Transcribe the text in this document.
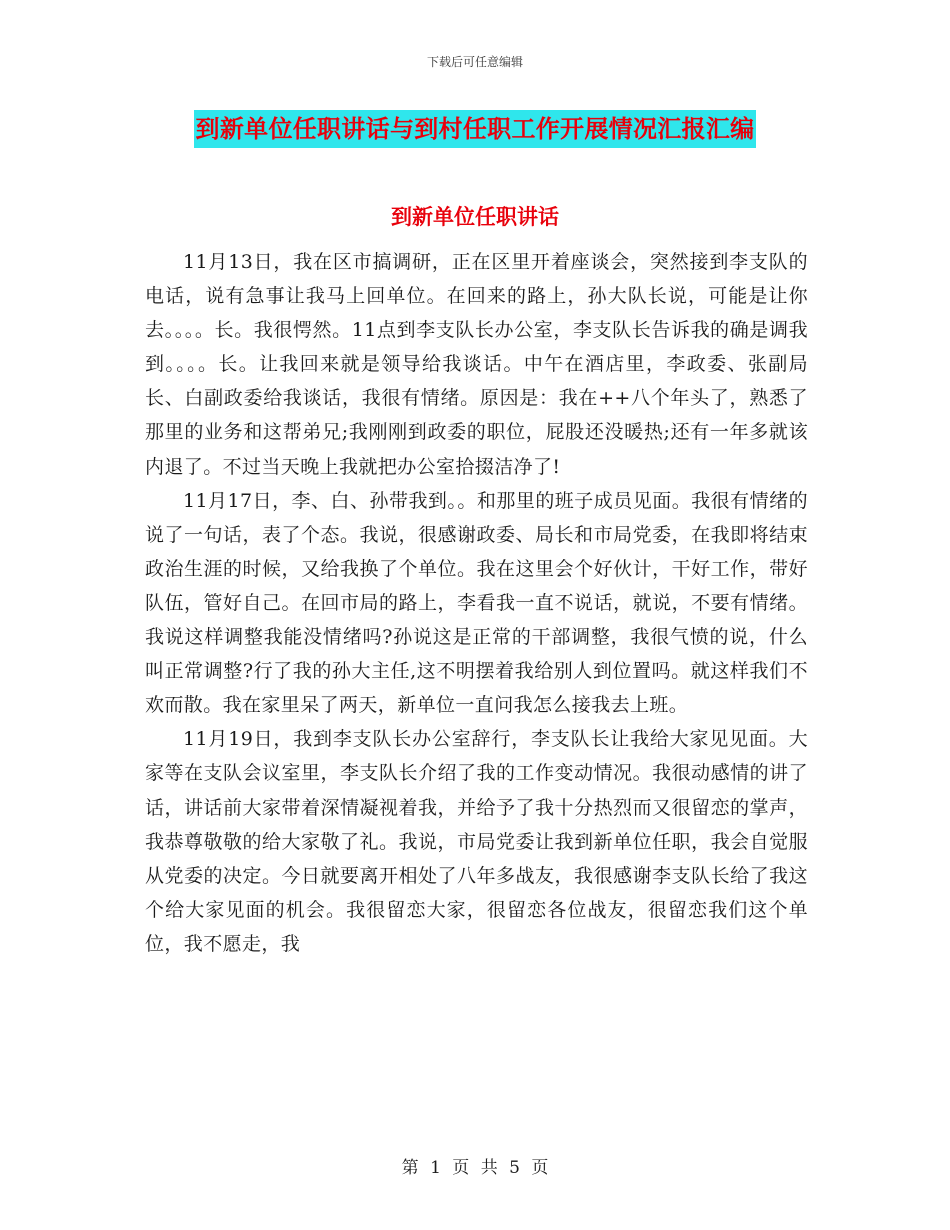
下载后可任意编辑
到新单位任职讲话与到村任职工作开展情况汇报汇编
到新单位任职讲话

11月13日，我在区市搞调研，正在区里开着座谈会，突然接到李支队的电话，说有急事让我马上回单位。在回来的路上，孙大队长说，可能是让你去。。。。长。我很愕然。11点到李支队长办公室，李支队长告诉我的确是调我到。。。。长。让我回来就是领导给我谈话。中午在酒店里，李政委、张副局长、白副政委给我谈话，我很有情绪。原因是：我在++八个年头了，熟悉了那里的业务和这帮弟兄;我刚刚到政委的职位，屁股还没暖热;还有一年多就该内退了。不过当天晚上我就把办公室拾掇洁净了!

11月17日，李、白、孙带我到。。和那里的班子成员见面。我很有情绪的说了一句话，表了个态。我说，很感谢政委、局长和市局党委，在我即将结束政治生涯的时候，又给我换了个单位。我在这里会个好伙计，干好工作，带好队伍，管好自己。在回市局的路上，李看我一直不说话，就说，不要有情绪。我说这样调整我能没情绪吗?孙说这是正常的干部调整，我很气愤的说，什么叫正常调整?行了我的孙大主任,这不明摆着我给别人到位置吗。就这样我们不欢而散。我在家里呆了两天，新单位一直问我怎么接我去上班。

11月19日，我到李支队长办公室辞行，李支队长让我给大家见见面。大家等在支队会议室里，李支队长介绍了我的工作变动情况。我很动感情的讲了话，讲话前大家带着深情凝视着我，并给予了我十分热烈而又很留恋的掌声，我恭尊敬敬的给大家敬了礼。我说，市局党委让我到新单位任职，我会自觉服从党委的决定。今日就要离开相处了八年多战友，我很感谢李支队长给了我这个给大家见面的机会。我很留恋大家，很留恋各位战友，很留恋我们这个单位，我不愿走，我

第 1 页 共 5 页
